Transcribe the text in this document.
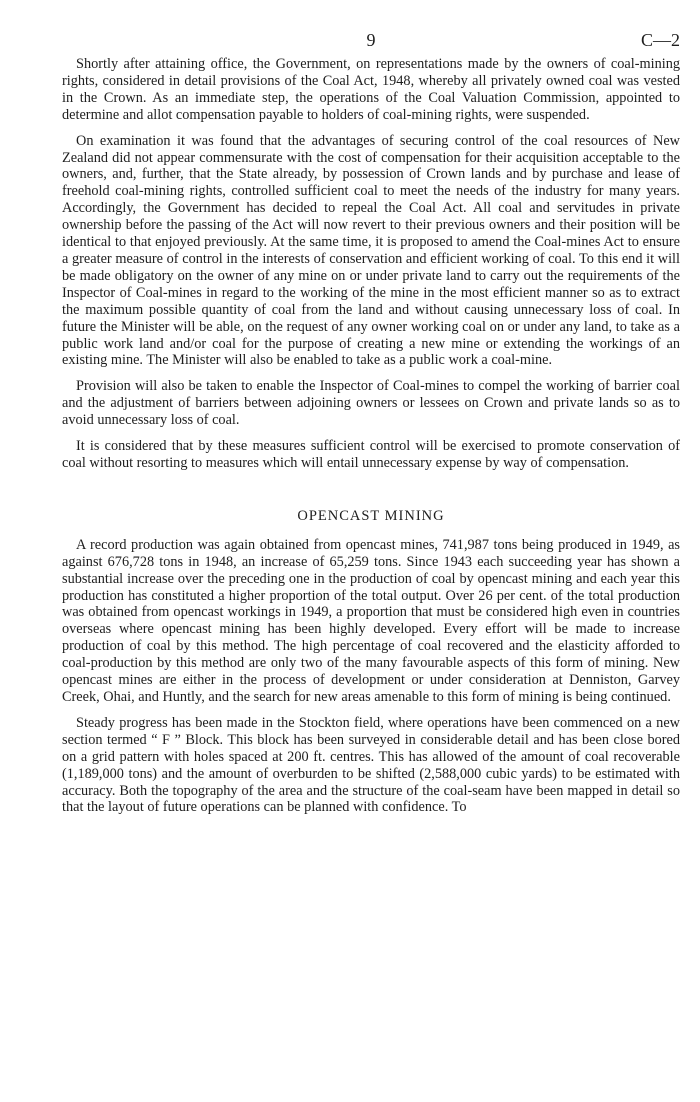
9	C—2

Shortly after attaining office, the Government, on representations made by the owners of coal-mining rights, considered in detail provisions of the Coal Act, 1948, whereby all privately owned coal was vested in the Crown. As an immediate step, the operations of the Coal Valuation Commission, appointed to determine and allot compensation payable to holders of coal-mining rights, were suspended.

On examination it was found that the advantages of securing control of the coal resources of New Zealand did not appear commensurate with the cost of compensation for their acquisition acceptable to the owners, and, further, that the State already, by possession of Crown lands and by purchase and lease of freehold coal-mining rights, controlled sufficient coal to meet the needs of the industry for many years. Accordingly, the Government has decided to repeal the Coal Act. All coal and servitudes in private ownership before the passing of the Act will now revert to their previous owners and their position will be identical to that enjoyed previously. At the same time, it is proposed to amend the Coal-mines Act to ensure a greater measure of control in the interests of conservation and efficient working of coal. To this end it will be made obligatory on the owner of any mine on or under private land to carry out the requirements of the Inspector of Coal-mines in regard to the working of the mine in the most efficient manner so as to extract the maximum possible quantity of coal from the land and without causing unnecessary loss of coal. In future the Minister will be able, on the request of any owner working coal on or under any land, to take as a public work land and/or coal for the purpose of creating a new mine or extending the workings of an existing mine. The Minister will also be enabled to take as a public work a coal-mine.

Provision will also be taken to enable the Inspector of Coal-mines to compel the working of barrier coal and the adjustment of barriers between adjoining owners or lessees on Crown and private lands so as to avoid unnecessary loss of coal.

It is considered that by these measures sufficient control will be exercised to promote conservation of coal without resorting to measures which will entail unnecessary expense by way of compensation.

OPENCAST MINING

A record production was again obtained from opencast mines, 741,987 tons being produced in 1949, as against 676,728 tons in 1948, an increase of 65,259 tons. Since 1943 each succeeding year has shown a substantial increase over the preceding one in the production of coal by opencast mining and each year this production has constituted a higher proportion of the total output. Over 26 per cent. of the total production was obtained from opencast workings in 1949, a proportion that must be considered high even in countries overseas where opencast mining has been highly developed. Every effort will be made to increase production of coal by this method. The high percentage of coal recovered and the elasticity afforded to coal-production by this method are only two of the many favourable aspects of this form of mining. New opencast mines are either in the process of development or under consideration at Denniston, Garvey Creek, Ohai, and Huntly, and the search for new areas amenable to this form of mining is being continued.

Steady progress has been made in the Stockton field, where operations have been commenced on a new section termed “ F ” Block. This block has been surveyed in considerable detail and has been close bored on a grid pattern with holes spaced at 200 ft. centres. This has allowed of the amount of coal recoverable (1,189,000 tons) and the amount of overburden to be shifted (2,588,000 cubic yards) to be estimated with accuracy. Both the topography of the area and the structure of the coal-seam have been mapped in detail so that the layout of future operations can be planned with confidence. To
